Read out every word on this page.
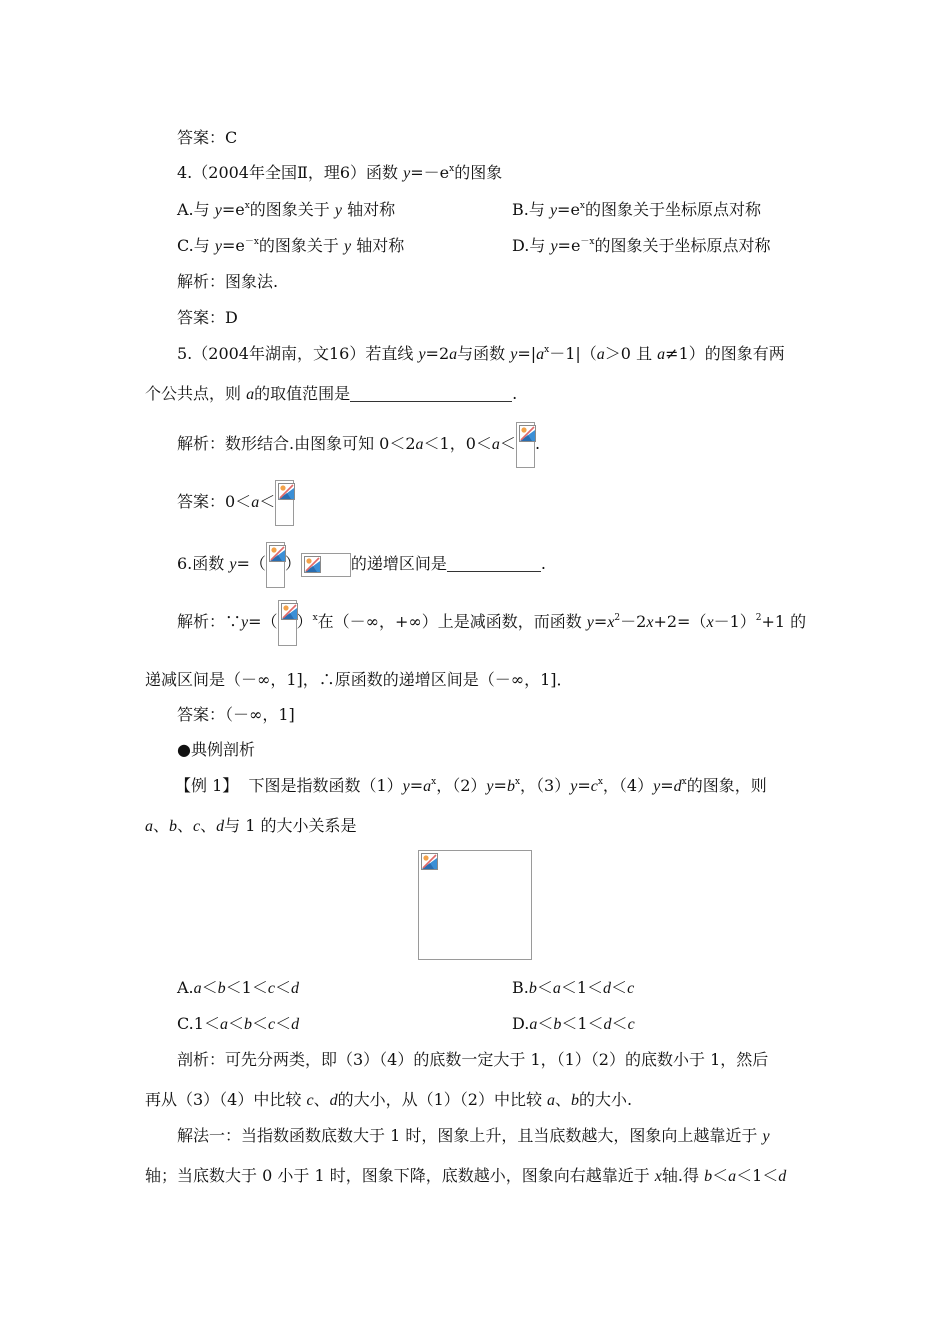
答案：C
4.（2004年全国Ⅱ，理6）函数 $y=-e^x$的图象
A.与 $y=e^x$的图象关于 y 轴对称	B.与 $y=e^x$的图象关于坐标原点对称
C.与 $y=e^{-x}$的图象关于 y 轴对称	D.与 $y=e^{-x}$的图象关于坐标原点对称
解析：图象法.
答案：D
5.（2004年湖南，文16）若直线 y=2a与函数 $y=|a^x-1|(a>0$ 且 a≠1）的图象有两
个公共点，则 a的取值范围是	.
解析：数形结合.由图象可知 0＜2a＜1，0＜a＜ .
答案：0＜a＜
6.函数 y=（ ）	的递增区间是	.
解析：∵y=（ ）$^x$在（－∞，+∞）上是减函数，而函数 $y=x^2-2x+2=(x-1)^2+1$ 的
递减区间是（－∞，1]，∴原函数的递增区间是（－∞，1]．
答案：（－∞，1]
●典例剖析
【例 1】 下图是指数函数$(1)y=a^x$，$(2)y=b^x$，$(3)y=c^x$，$(4)y=d^x$的图象，则
a、b、c、d与 1 的大小关系是
A.a＜b＜1＜c＜d	B.b＜a＜1＜d＜c
C.1＜a＜b＜c＜d	D.a＜b＜1＜d＜c
剖析：可先分两类，即（3）（4）的底数一定大于 1，（1）（2）的底数小于 1，然后
再从（3）（4）中比较 c、d的大小，从（1）（2）中比较 a、b的大小.
解法一：当指数函数底数大于 1 时，图象上升，且当底数越大，图象向上越靠近于 y
轴；当底数大于 0 小于 1 时，图象下降，底数越小，图象向右越靠近于 x轴.得 b＜a＜1＜d
